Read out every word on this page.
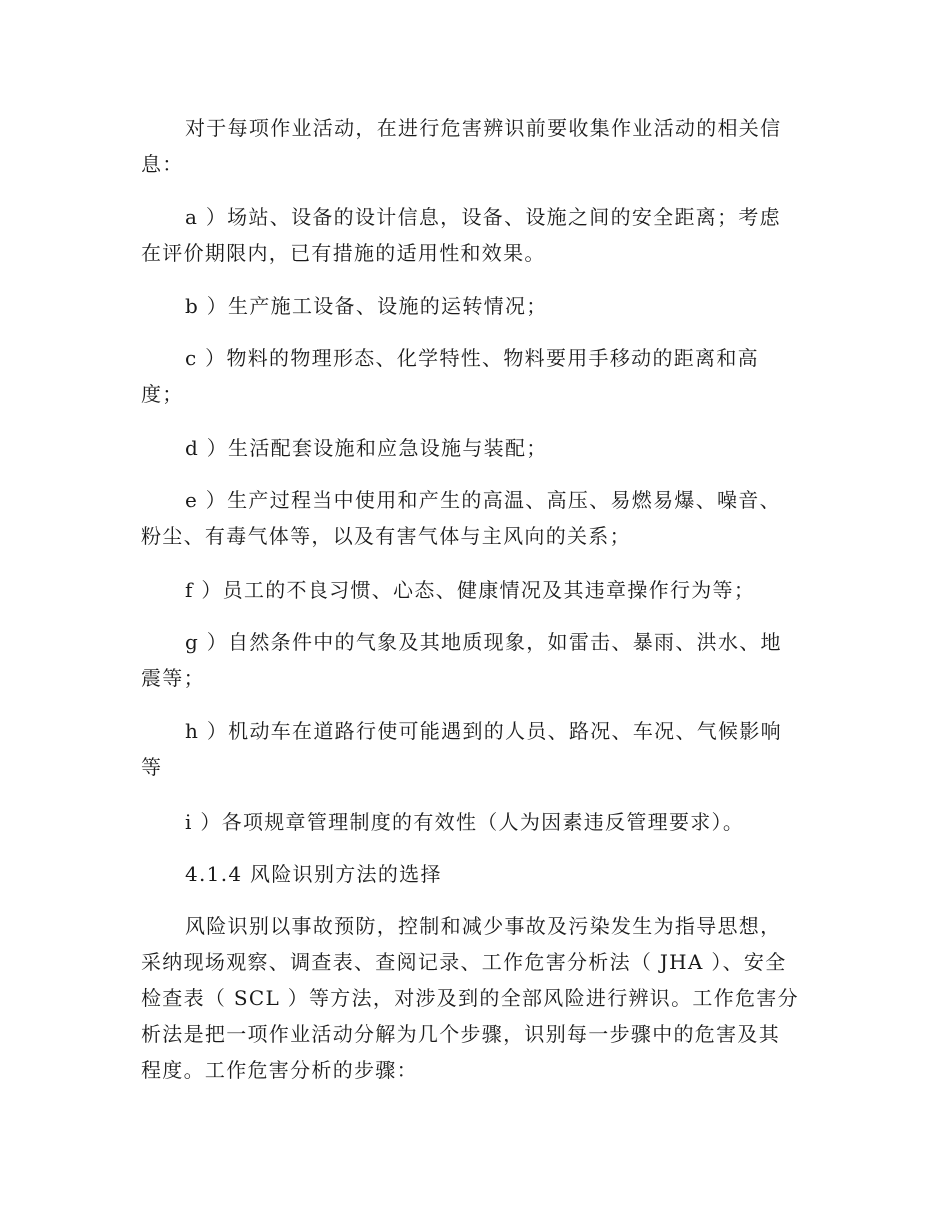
对于每项作业活动，在进行危害辨识前要收集作业活动的相关信
息：

a ）场站、设备的设计信息，设备、设施之间的安全距离；考虑
在评价期限内，已有措施的适用性和效果。

b ）生产施工设备、设施的运转情况；

c ）物料的物理形态、化学特性、物料要用手移动的距离和高
度；

d ）生活配套设施和应急设施与装配；

e ）生产过程当中使用和产生的高温、高压、易燃易爆、噪音、
粉尘、有毒气体等，以及有害气体与主风向的关系；

f ）员工的不良习惯、心态、健康情况及其违章操作行为等；

g ）自然条件中的气象及其地质现象，如雷击、暴雨、洪水、地
震等；

h ）机动车在道路行使可能遇到的人员、路况、车况、气候影响
等

i ）各项规章管理制度的有效性（人为因素违反管理要求）。

4.1.4 风险识别方法的选择

风险识别以事故预防，控制和减少事故及污染发生为指导思想，
采纳现场观察、调查表、查阅记录、工作危害分析法（ JHA ）、安全
检查表（ SCL ）等方法，对涉及到的全部风险进行辨识。工作危害分
析法是把一项作业活动分解为几个步骤，识别每一步骤中的危害及其
程度。工作危害分析的步骤：
